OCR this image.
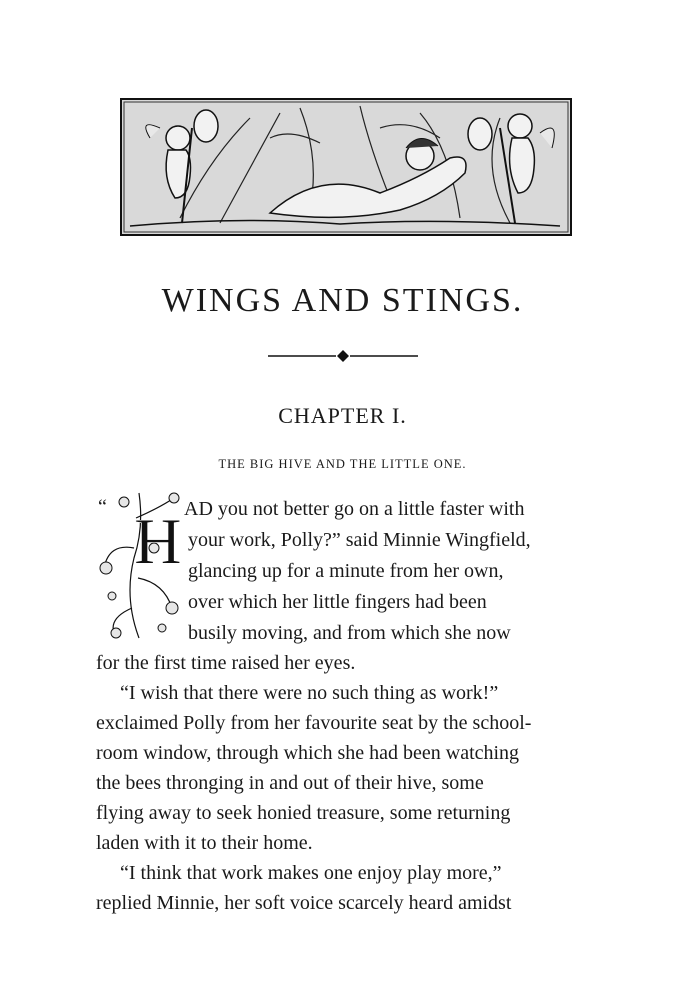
WINGS AND STINGS.
CHAPTER I.
THE BIG HIVE AND THE LITTLE ONE.
“ H AD you not better go on a little faster with
your work, Polly?” said Minnie Wingfield,
glancing up for a minute from her own,
over which her little fingers had been
busily moving, and from which she now
for the first time raised her eyes.
“I wish that there were no such thing as work!”
exclaimed Polly from her favourite seat by the school-
room window, through which she had been watching
the bees thronging in and out of their hive, some
flying away to seek honied treasure, some returning
laden with it to their home.
“I think that work makes one enjoy play more,”
replied Minnie, her soft voice scarcely heard amidst
